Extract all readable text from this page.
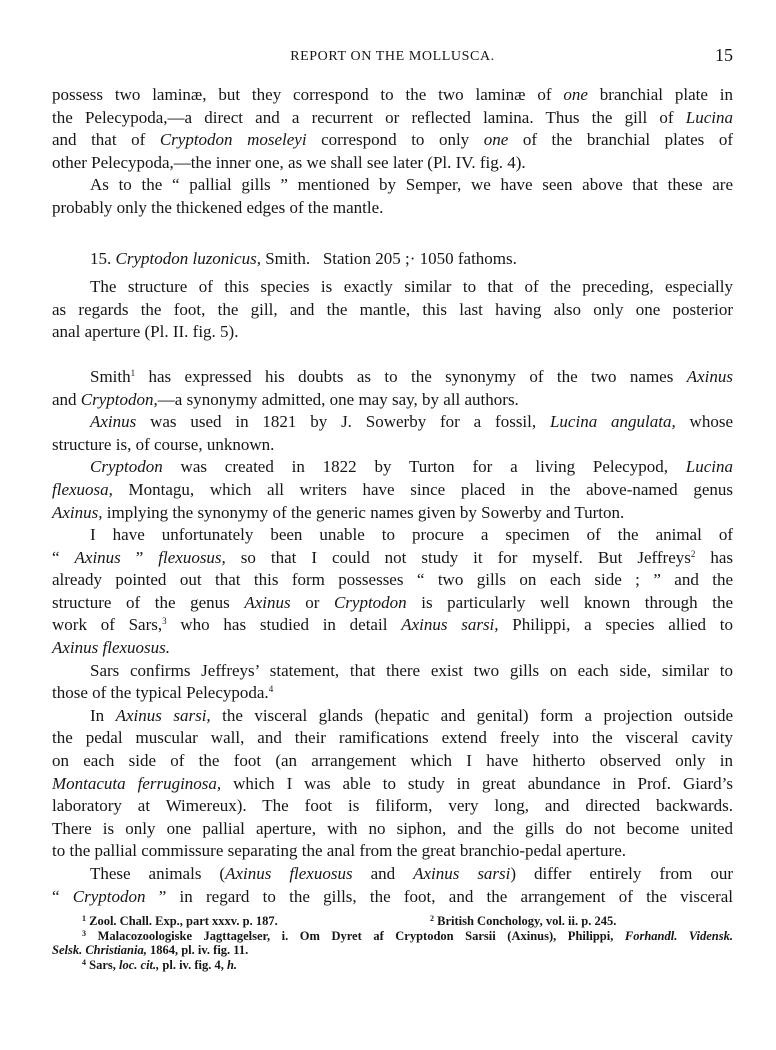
REPORT ON THE MOLLUSCA.	15
possess two laminæ, but they correspond to the two laminæ of one branchial plate in
the Pelecypoda,—a direct and a recurrent or reflected lamina. Thus the gill of Lucina
and that of Cryptodon moseleyi correspond to only one of the branchial plates of
other Pelecypoda,—the inner one, as we shall see later (Pl. IV. fig. 4).
As to the “ pallial gills ” mentioned by Semper, we have seen above that these are
probably only the thickened edges of the mantle.
15. Cryptodon luzonicus, Smith.   Station 205 ;· 1050 fathoms.
The structure of this species is exactly similar to that of the preceding, especially
as regards the foot, the gill, and the mantle, this last having also only one posterior
anal aperture (Pl. II. fig. 5).
Smith$^1$ has expressed his doubts as to the synonymy of the two names Axinus
and Cryptodon,—a synonymy admitted, one may say, by all authors.
Axinus was used in 1821 by J. Sowerby for a fossil, Lucina angulata, whose
structure is, of course, unknown.
Cryptodon was created in 1822 by Turton for a living Pelecypod, Lucina
flexuosa, Montagu, which all writers have since placed in the above-named genus
Axinus, implying the synonymy of the generic names given by Sowerby and Turton.
I have unfortunately been unable to procure a specimen of the animal of
“ Axinus ” flexuosus, so that I could not study it for myself. But Jeffreys$^2$ has
already pointed out that this form possesses “ two gills on each side ; ” and the
structure of the genus Axinus or Cryptodon is particularly well known through the
work of Sars,$^3$ who has studied in detail Axinus sarsi, Philippi, a species allied to
Axinus flexuosus.
Sars confirms Jeffreys’ statement, that there exist two gills on each side, similar to
those of the typical Pelecypoda.$^4$
In Axinus sarsi, the visceral glands (hepatic and genital) form a projection outside
the pedal muscular wall, and their ramifications extend freely into the visceral cavity
on each side of the foot (an arrangement which I have hitherto observed only in
Montacuta ferruginosa, which I was able to study in great abundance in Prof. Giard’s
laboratory at Wimereux). The foot is filiform, very long, and directed backwards.
There is only one pallial aperture, with no siphon, and the gills do not become united
to the pallial commissure separating the anal from the great branchio-pedal aperture.
These animals (Axinus flexuosus and Axinus sarsi) differ entirely from our
“ Cryptodon ” in regard to the gills, the foot, and the arrangement of the visceral
$^1$ Zool. Chall. Exp., part xxxv. p. 187.	$^2$ British Conchology, vol. ii. p. 245.
$^3$ Malacozoologiske Jagttagelser, i. Om Dyret af Cryptodon Sarsii (Axinus), Philippi, Forhandl. Vidensk.
Selsk. Christiania, 1864, pl. iv. fig. 11.
$^4$ Sars, loc. cit., pl. iv. fig. 4, h.
